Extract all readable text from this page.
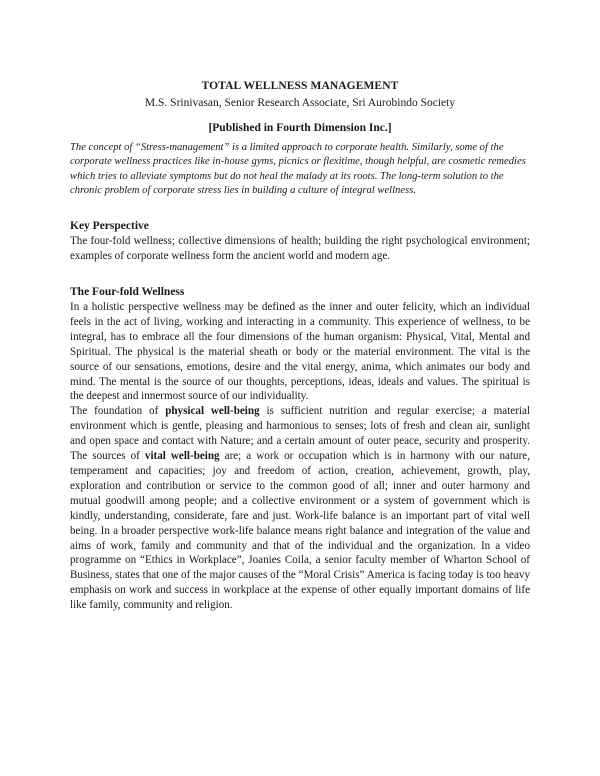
TOTAL WELLNESS MANAGEMENT

M.S. Srinivasan, Senior Research Associate, Sri Aurobindo Society

[Published in Fourth Dimension Inc.]

The concept of “Stress-management” is a limited approach to corporate health. Similarly, some of the corporate wellness practices like in-house gyms, picnics or flexitime, though helpful, are cosmetic remedies which tries to alleviate symptoms but do not heal the malady at its roots. The long-term solution to the chronic problem of corporate stress lies in building a culture of integral wellness.

Key Perspective

The four-fold wellness; collective dimensions of health; building the right psychological environment; examples of corporate wellness form the ancient world and modern age.

The Four-fold Wellness

In a holistic perspective wellness may be defined as the inner and outer felicity, which an individual feels in the act of living, working and interacting in a community. This experience of wellness, to be integral, has to embrace all the four dimensions of the human organism: Physical, Vital, Mental and Spiritual. The physical is the material sheath or body or the material environment. The vital is the source of our sensations, emotions, desire and the vital energy, anima, which animates our body and mind. The mental is the source of our thoughts, perceptions, ideas, ideals and values. The spiritual is the deepest and innermost source of our individuality.

The foundation of physical well-being is sufficient nutrition and regular exercise; a material environment which is gentle, pleasing and harmonious to senses; lots of fresh and clean air, sunlight and open space and contact with Nature; and a certain amount of outer peace, security and prosperity. The sources of vital well-being are; a work or occupation which is in harmony with our nature, temperament and capacities; joy and freedom of action, creation, achievement, growth, play, exploration and contribution or service to the common good of all; inner and outer harmony and mutual goodwill among people; and a collective environment or a system of government which is kindly, understanding, considerate, fare and just. Work-life balance is an important part of vital well being. In a broader perspective work-life balance means right balance and integration of the value and aims of work, family and community and that of the individual and the organization. In a video programme on “Ethics in Workplace”, Joanies Coila, a senior faculty member of Wharton School of Business, states that one of the major causes of the “Moral Crisis” America is facing today is too heavy emphasis on work and success in workplace at the expense of other equally important domains of life like family, community and religion.
